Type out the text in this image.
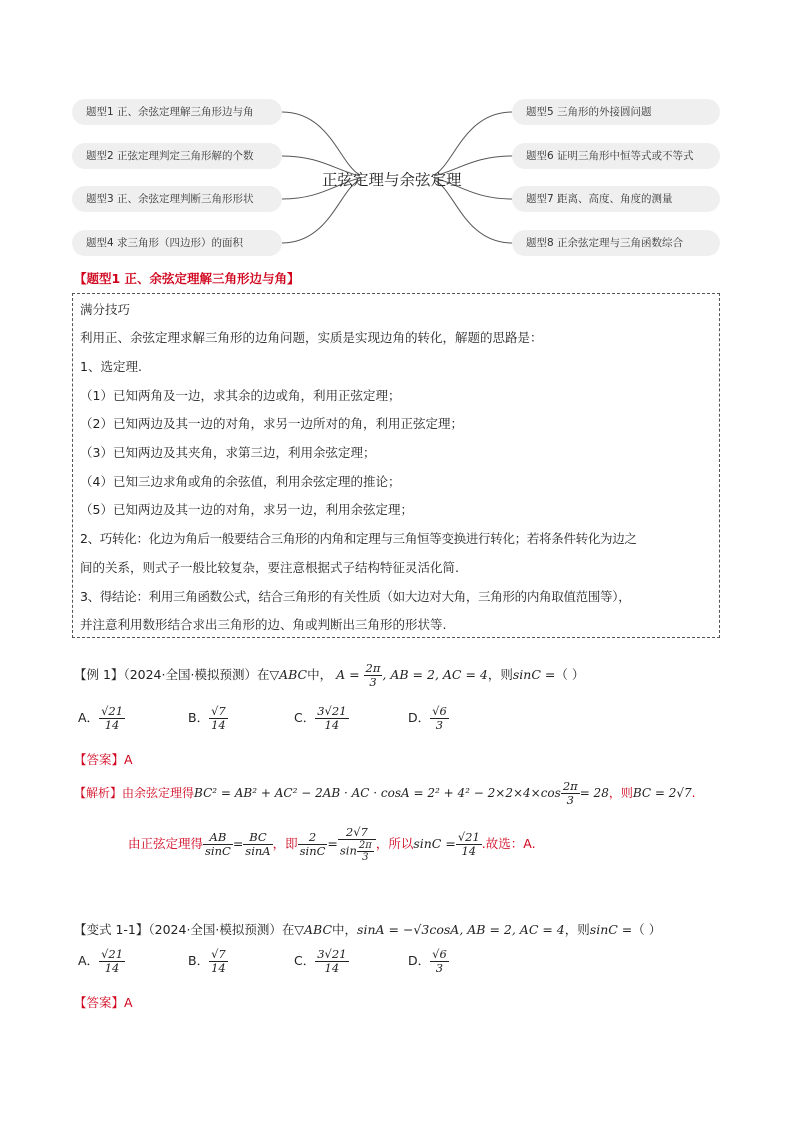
题型1 正、余弦定理解三角形边与角
题型2 正弦定理判定三角形解的个数
题型3 正、余弦定理判断三角形形状
题型4 求三角形（四边形）的面积
题型5 三角形的外接圆问题
题型6 证明三角形中恒等式或不等式
题型7 距离、高度、角度的测量
题型8 正余弦定理与三角函数综合
正弦定理与余弦定理
【题型1 正、余弦定理解三角形边与角】
满分技巧
利用正、余弦定理求解三角形的边角问题，实质是实现边角的转化，解题的思路是：
1、选定理.
（1）已知两角及一边，求其余的边或角，利用正弦定理；
（2）已知两边及其一边的对角，求另一边所对的角，利用正弦定理；
（3）已知两边及其夹角，求第三边，利用余弦定理；
（4）已知三边求角或角的余弦值，利用余弦定理的推论；
（5）已知两边及其一边的对角，求另一边，利用余弦定理；
2、巧转化：化边为角后一般要结合三角形的内角和定理与三角恒等变换进行转化；若将条件转化为边之
间的关系，则式子一般比较复杂，要注意根据式子结构特征灵活化简.
3、得结论：利用三角函数公式，结合三角形的有关性质（如大边对大角，三角形的内角取值范围等），
并注意利用数形结合求出三角形的边、角或判断出三角形的形状等.
【例 1】（2024·全国·模拟预测）在▽ABC中， $A = \frac{2\pi}{3}$ , AB = 2, AC = 4，则sinC =（ ）
A． $\frac{√21}{14}$	B． $\frac{√7}{14}$	C． $\frac{3√21}{14}$	D． $\frac{√6}{3}$
【答案】A
【解析】由余弦定理得BC² = AB² + AC² − 2AB · AC · $\cos A = 2^2 + 4^2 - 2\times 2\times 4\times\cos \frac{2\pi}{3} = 28$，则BC = 2√7.
由正弦定理得 $\frac{AB}{\sin C} = \frac{BC}{\sin A}$ ，即 $\frac{2}{\sin C} = \frac{2√7}{\sin \frac{2\pi}{3}}$ ，所以$\sin C = \frac{√21}{14}$ .故选：A.
【变式 1-1】（2024·全国·模拟预测）在▽ABC中，sinA = −√3cosA, AB = 2, AC = 4，则sinC =（ ）
A． $\frac{√21}{14}$	B． $\frac{√7}{14}$	C． $\frac{3√21}{14}$	D． $\frac{√6}{3}$
【答案】A
